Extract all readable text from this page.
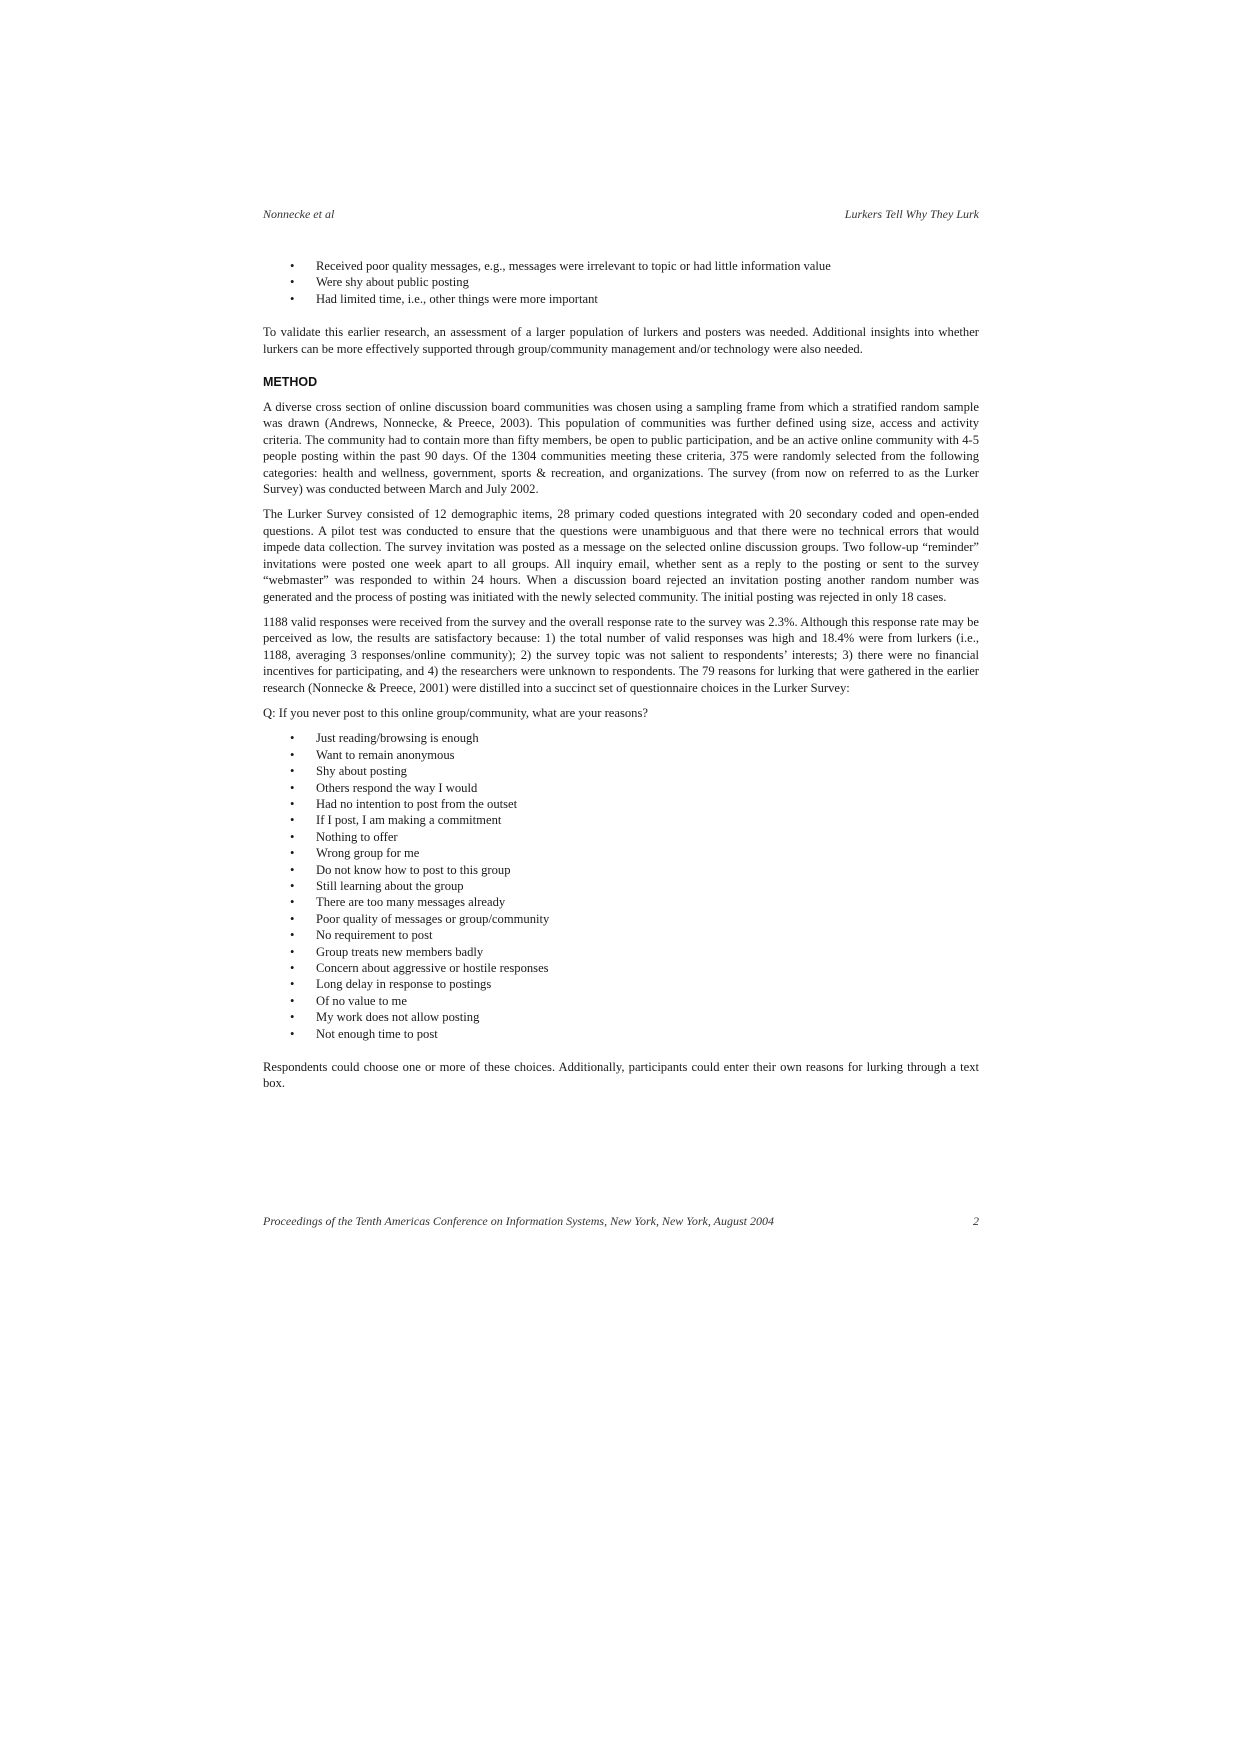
Nonnecke et al	Lurkers Tell Why They Lurk
• Received poor quality messages, e.g., messages were irrelevant to topic or had little information value
• Were shy about public posting
• Had limited time, i.e., other things were more important

To validate this earlier research, an assessment of a larger population of lurkers and posters was needed. Additional insights into whether lurkers can be more effectively supported through group/community management and/or technology were also needed.

METHOD

A diverse cross section of online discussion board communities was chosen using a sampling frame from which a stratified random sample was drawn (Andrews, Nonnecke, & Preece, 2003). This population of communities was further defined using size, access and activity criteria. The community had to contain more than fifty members, be open to public participation, and be an active online community with 4-5 people posting within the past 90 days. Of the 1304 communities meeting these criteria, 375 were randomly selected from the following categories: health and wellness, government, sports & recreation, and organizations. The survey (from now on referred to as the Lurker Survey) was conducted between March and July 2002.

The Lurker Survey consisted of 12 demographic items, 28 primary coded questions integrated with 20 secondary coded and open-ended questions. A pilot test was conducted to ensure that the questions were unambiguous and that there were no technical errors that would impede data collection. The survey invitation was posted as a message on the selected online discussion groups. Two follow-up “reminder” invitations were posted one week apart to all groups. All inquiry email, whether sent as a reply to the posting or sent to the survey “webmaster” was responded to within 24 hours. When a discussion board rejected an invitation posting another random number was generated and the process of posting was initiated with the newly selected community. The initial posting was rejected in only 18 cases.

1188 valid responses were received from the survey and the overall response rate to the survey was 2.3%. Although this response rate may be perceived as low, the results are satisfactory because: 1) the total number of valid responses was high and 18.4% were from lurkers (i.e., 1188, averaging 3 responses/online community); 2) the survey topic was not salient to respondents’ interests; 3) there were no financial incentives for participating, and 4) the researchers were unknown to respondents. The 79 reasons for lurking that were gathered in the earlier research (Nonnecke & Preece, 2001) were distilled into a succinct set of questionnaire choices in the Lurker Survey:

Q: If you never post to this online group/community, what are your reasons?

• Just reading/browsing is enough
• Want to remain anonymous
• Shy about posting
• Others respond the way I would
• Had no intention to post from the outset
• If I post, I am making a commitment
• Nothing to offer
• Wrong group for me
• Do not know how to post to this group
• Still learning about the group
• There are too many messages already
• Poor quality of messages or group/community
• No requirement to post
• Group treats new members badly
• Concern about aggressive or hostile responses
• Long delay in response to postings
• Of no value to me
• My work does not allow posting
• Not enough time to post

Respondents could choose one or more of these choices. Additionally, participants could enter their own reasons for lurking through a text box.

Proceedings of the Tenth Americas Conference on Information Systems, New York, New York, August 2004	2
